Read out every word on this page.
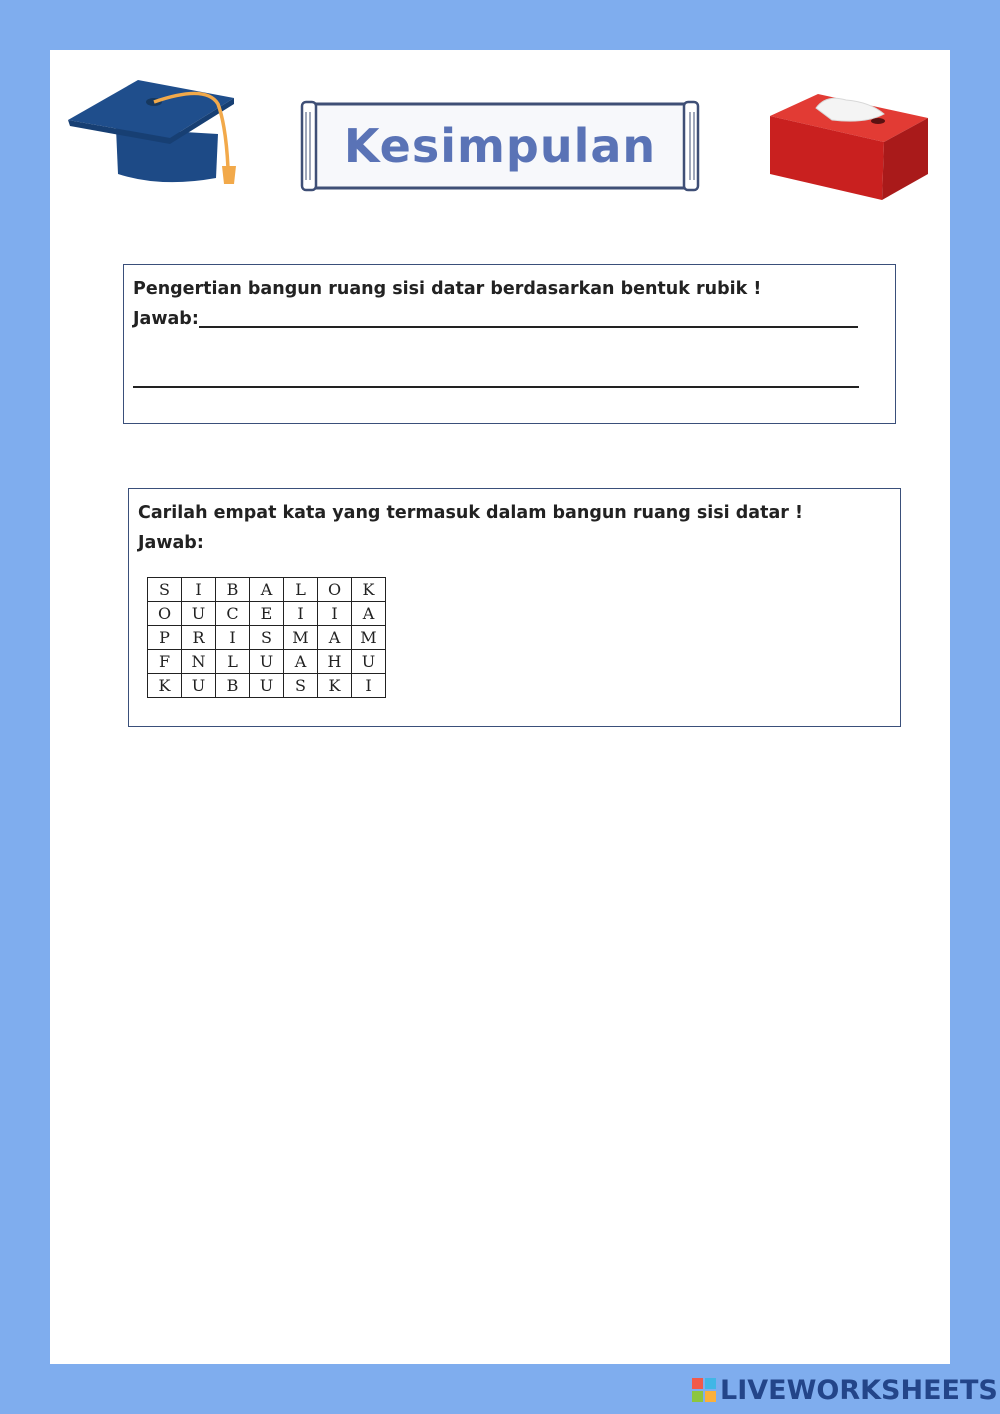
Kesimpulan
Pengertian bangun ruang sisi datar berdasarkan bentuk rubik !
Jawab:
Carilah empat kata yang termasuk dalam bangun ruang sisi datar !
Jawab:
S	I	B	A	L	O	K
O	U	C	E	I	I	A
P	R	I	S	M	A	M
F	N	L	U	A	H	U
K	U	B	U	S	K	I
LIVEWORKSHEETS
